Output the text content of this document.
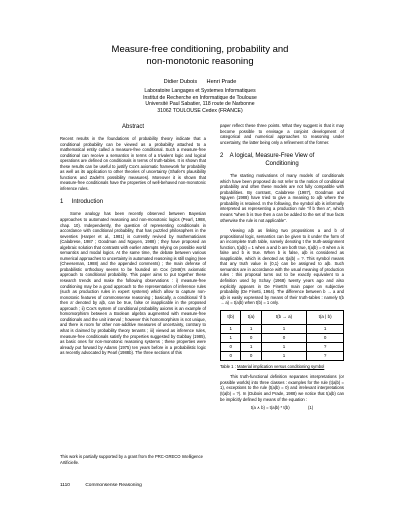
Measure-free conditioning, probability and
non-monotonic reasoning
Didier Dubois      Henri Prade
Laboratoire Langages et Systemes Informatiques
Institut de Recherche en Informatique de Toulouse
Université Paul Sabatier, 118 route de Narbonne
31062 TOULOUSE Cedex (FRANCE)
Abstract

Recent results in the foundations of probability theory indicate that a conditional probability can be viewed as a probability attached to a mathematical entity called a measure-free conditional. Such a measure-free conditional can receive a semantics in terms of a trivalent logic and logical operations are defined on conditionals in terms of truth-tables. It is shown that these results can be useful to justify Cox's axiomatic framework for probability as well as its application to other theories of uncertainty (Shafer's plausibility functions and Zadeh's possibility measures). Moreover it is shown that measure-free conditionals have the properties of well-behaved non-monotonic inference rules.

1     Introduction

Some analogy has been recently observed between Bayesian approaches to automated reasoning and non-monotonic logics (Pearl, 1988, chap. 10). Independently, the question of representing conditionals in accordance with conditional probability, that has puzzled philosophers in the seventies (Harper et al., 1981) is currently revived by mathematicians (Calabrese, 1987 ; Goodman and Nguyen, 1988) ; they have proposed an algebraic solution that contrasts with earlier attempts relying on possible world semantics and modal logics. At the same time, the debate between various numerical approaches to uncertainty in automated reasoning is still raging (see (Cheeseman, 1988) and the appended comments) ; the main defense of probabilistic orthodoxy seems to be founded on Cox (1946)'s axiomatic approach to conditional probability. This paper aims to put together these research trends and make the following observations : i) measure-free conditioning may be a good approach to the representation of inference rules (such as production rules in expert systems) which allow to capture non-monotonic features of commonsense reasoning ; basically, a conditional 'if b then a' denoted by a|b, can be true, false or inapplicable in the proposed approach ; ii) Cox's system of conditional probability axioms is an example of homomorphism between a Boolean algebra augmented with measure-free conditionals and the unit interval ; however this homomorphism is not unique, and there is room for other non-additive measures of uncertainty, contrary to what is claimed by probability theory tenants ; iii) viewed as inference rules, measure-free conditionals satisfy the properties suggested by Gabbay (1985), as basic ones for non-monotonic reasoning systems ; these properties were already put forward by Adams (1975) ten years before in a probabilistic logic as recently advocated by Pearl (1988b). The three sections of this

This work is partially supported by a grant from the PRC-GRECO Intelligence Artificielle.

paper reflect these three points. What they suggest is that it may become possible to envisage a conjoint development of categorical and numerical approaches to reasoning under uncertainty, the latter being only a refinement of the former.

2    A logical, Measure-Free View of
Conditioning

The starting motivations of many models of conditionals which have been proposed do not refer to the notion of conditional probability and often these models are not fully compatible with probabilities. By contrast, Calabrese (1987), Goodman and Nguyen (1988) have tried to give a meaning to a|b where the probability is retained. In the following, the symbol a|b is informally interpreted as representing a production rule "if b then a", which means "when b is true then a can be added to the set of true facts otherwise the rule is not applicable".

Viewing a|b as linking two propositions a and b of propositional logic, semantics can be given to it under the form of an incomplete truth table, namely denoting t the truth-assignment function, t(a|b) = 1 when a and b are both true, t(a|b) = 0 when a is false and b is true. When b is false, a|b is considered as inapplicable, which is denoted as t(a|b) = ?. This symbol means that any truth value in {0,1} can be assigned to a|b. Such semantics are in accordance with the usual meaning of production rules : this proposal turns out to be exactly equivalent to a definition used by Schay (1968) twenty years ago and also explicitly appears in De Finetti's main paper on subjective probability (De Finetti, 1964). The difference between b → a and a|b is easily expressed by means of their truth-tables : namely t(b → a) = t(a|b) when t(b) = 1 only.

t(b)	t(a)	t(b → a)	t(a | b)
1	1	1	1
1	0	0	0
0	1	1	?
0	0	1	?
Table 1 : Material implication versus conditioning symbol

This truth-functional definition separates interpretations (or possible worlds) into three classes : examples for the rule (t(a|b) = 1), exceptions to the rule (t(a|b) = 0) and irrelevant interpretations (t(a|b) = ?). In (Dubois and Prade, 1988) we notice that t(a|b) can be implicitly defined by means of the equation :

t(a ∧ b) = t(a|b) * t(b)	(1)
1110	Commonsense Reasoning
